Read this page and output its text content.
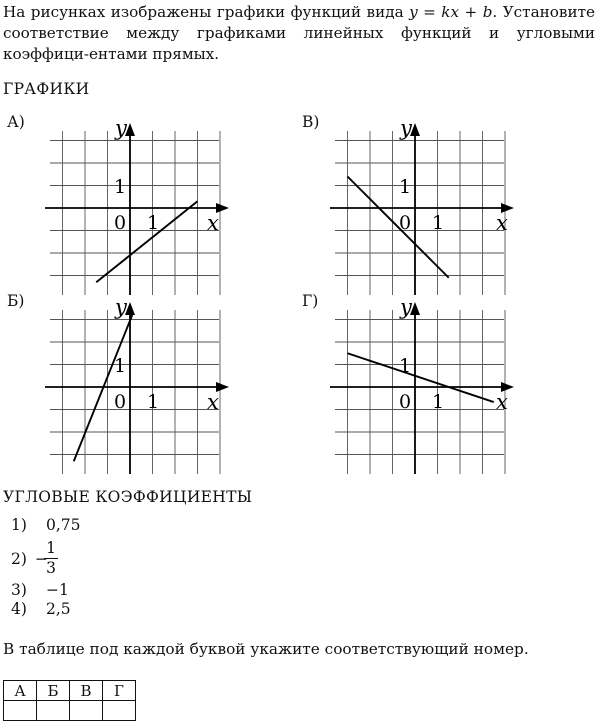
На рисунках изображены графики функций вида y = kx + b. Установите соответствие между графиками линейных функций и угловыми коэффици-ентами прямых.
ГРАФИКИ
А)	В)
Б)	Г)
y
x
0 1
1
y
x
0 1
1
y
x
0 1
1
y
x
0 1
1
УГЛОВЫЕ КОЭФФИЦИЕНТЫ
1)	0,75
2) −
1
3
3)	−1
4)	2,5
В таблице под каждой буквой укажите соответствующий номер.
А	Б	В	Г
